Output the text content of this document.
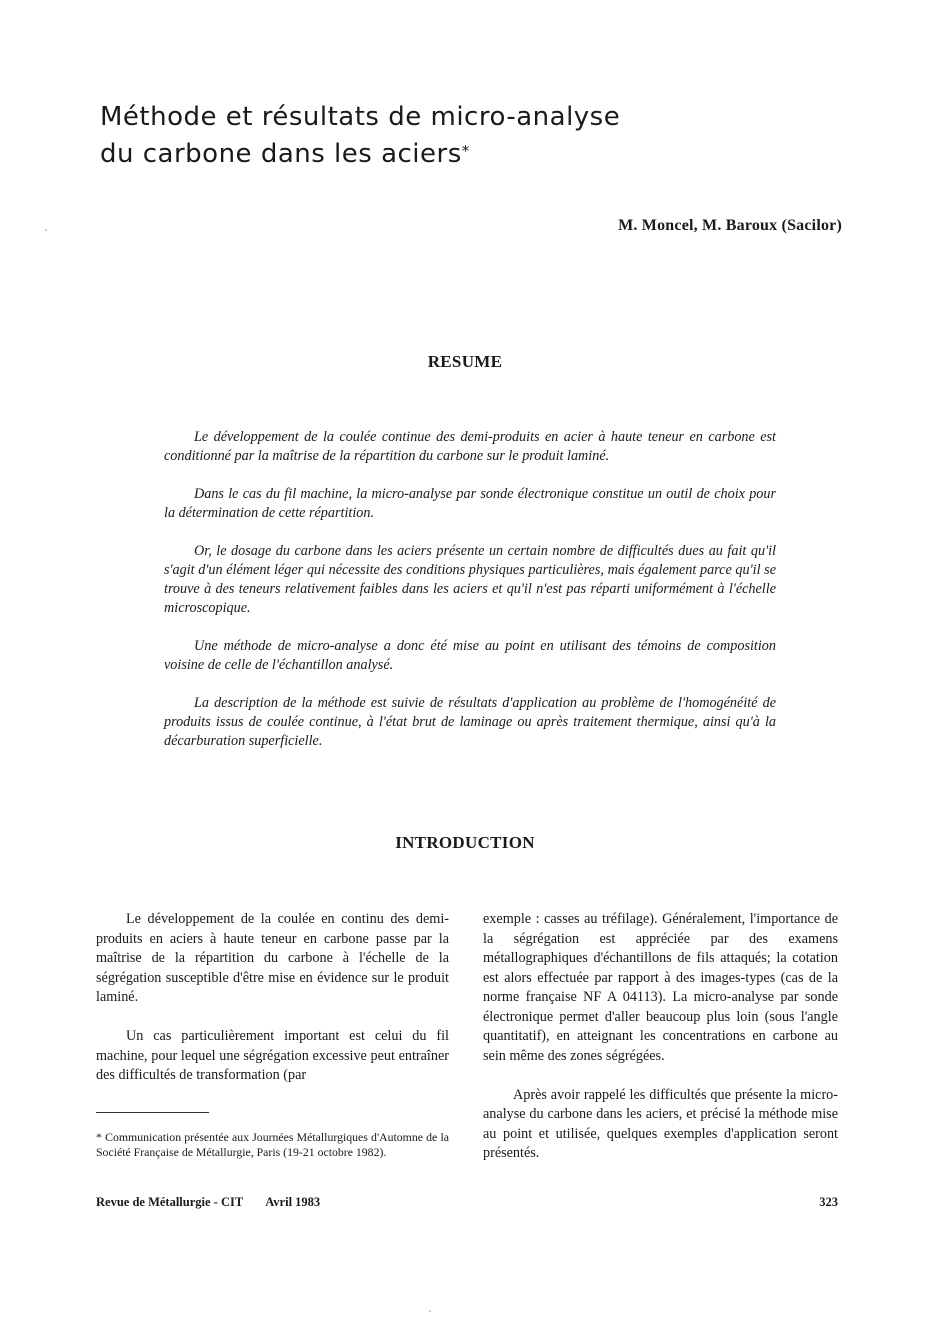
Méthode et résultats de micro-analyse
du carbone dans les aciers*
M. Moncel, M. Baroux (Sacilor)
RESUME

Le développement de la coulée continue des demi-produits en acier à haute teneur en carbone est conditionné par la maîtrise de la répartition du carbone sur le produit laminé.

Dans le cas du fil machine, la micro-analyse par sonde électronique constitue un outil de choix pour la détermination de cette répartition.

Or, le dosage du carbone dans les aciers présente un certain nombre de difficultés dues au fait qu'il s'agit d'un élément léger qui nécessite des conditions physiques particulières, mais également parce qu'il se trouve à des teneurs relativement faibles dans les aciers et qu'il n'est pas réparti uniformément à l'échelle microscopique.

Une méthode de micro-analyse a donc été mise au point en utilisant des témoins de composition voisine de celle de l'échantillon analysé.

La description de la méthode est suivie de résultats d'application au problème de l'homogénéité de produits issus de coulée continue, à l'état brut de laminage ou après traitement thermique, ainsi qu'à la décarburation superficielle.

INTRODUCTION

Le développement de la coulée en continu des demi-produits en aciers à haute teneur en carbone passe par la maîtrise de la répartition du carbone à l'échelle de la ségrégation susceptible d'être mise en évidence sur le produit laminé.

Un cas particulièrement important est celui du fil machine, pour lequel une ségrégation excessive peut entraîner des difficultés de transformation (par

exemple : casses au tréfilage). Généralement, l'importance de la ségrégation est appréciée par des examens métallographiques d'échantillons de fils attaqués; la cotation est alors effectuée par rapport à des images-types (cas de la norme française NF A 04113). La micro-analyse par sonde électronique permet d'aller beaucoup plus loin (sous l'angle quantitatif), en atteignant les concentrations en carbone au sein même des zones ségrégées.

Après avoir rappelé les difficultés que présente la micro-analyse du carbone dans les aciers, et précisé la méthode mise au point et utilisée, quelques exemples d'application seront présentés.

* Communication présentée aux Journées Métallurgiques d'Automne de la Société Française de Métallurgie, Paris (19-21 octobre 1982).
Revue de Métallurgie - CIT Avril 1983	323
